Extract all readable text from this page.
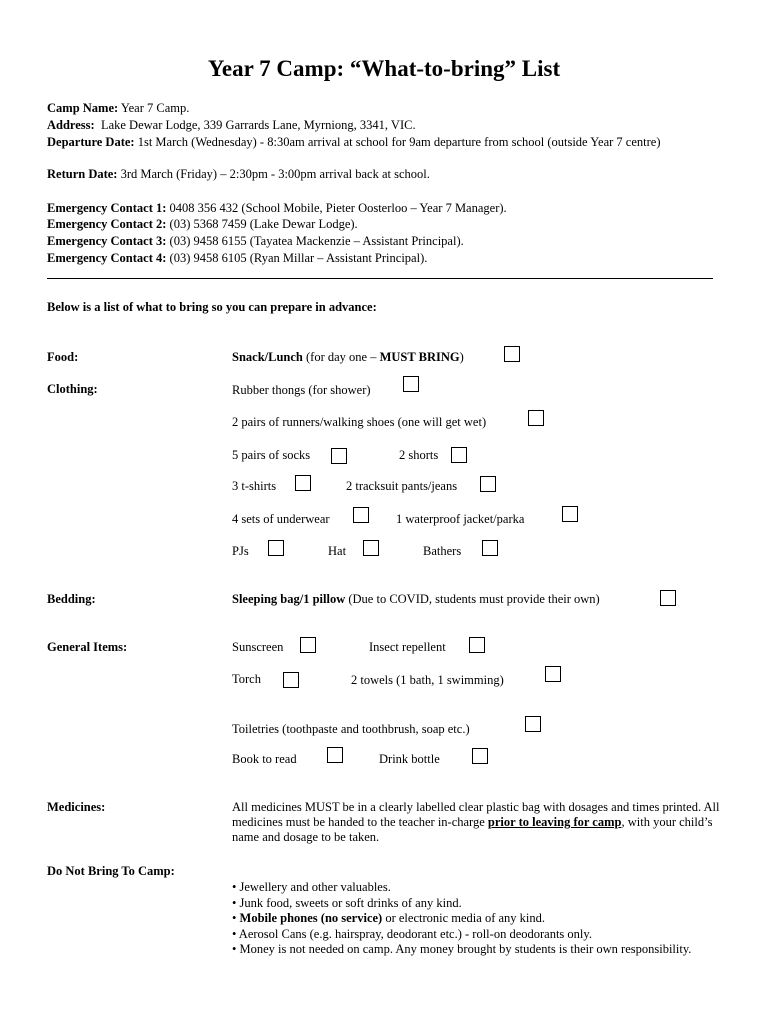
Year 7 Camp: “What-to-bring” List
Camp Name: Year 7 Camp.
Address: Lake Dewar Lodge, 339 Garrards Lane, Myrniong, 3341, VIC.
Departure Date: 1st March (Wednesday) - 8:30am arrival at school for 9am departure from school (outside Year 7 centre)
Return Date: 3rd March (Friday) – 2:30pm - 3:00pm arrival back at school.
Emergency Contact 1: 0408 356 432 (School Mobile, Pieter Oosterloo – Year 7 Manager).
Emergency Contact 2: (03) 5368 7459 (Lake Dewar Lodge).
Emergency Contact 3: (03) 9458 6155 (Tayatea Mackenzie – Assistant Principal).
Emergency Contact 4: (03) 9458 6105 (Ryan Millar – Assistant Principal).
Below is a list of what to bring so you can prepare in advance:
Food:	Snack/Lunch (for day one – MUST BRING)
Clothing:	Rubber thongs (for shower)
2 pairs of runners/walking shoes (one will get wet)
5 pairs of socks	2 shorts
3 t-shirts	2 tracksuit pants/jeans
4 sets of underwear	1 waterproof jacket/parka
PJs	Hat	Bathers
Bedding:	Sleeping bag/1 pillow (Due to COVID, students must provide their own)
General Items:	Sunscreen	Insect repellent
Torch	2 towels (1 bath, 1 swimming)
Toiletries (toothpaste and toothbrush, soap etc.)
Book to read	Drink bottle
Medicines:	All medicines MUST be in a clearly labelled clear plastic bag with dosages and times printed. All medicines must be handed to the teacher in-charge prior to leaving for camp, with your child’s name and dosage to be taken.
Do Not Bring To Camp:
• Jewellery and other valuables.
• Junk food, sweets or soft drinks of any kind.
• Mobile phones (no service) or electronic media of any kind.
• Aerosol Cans (e.g. hairspray, deodorant etc.) - roll-on deodorants only.
• Money is not needed on camp. Any money brought by students is their own responsibility.
